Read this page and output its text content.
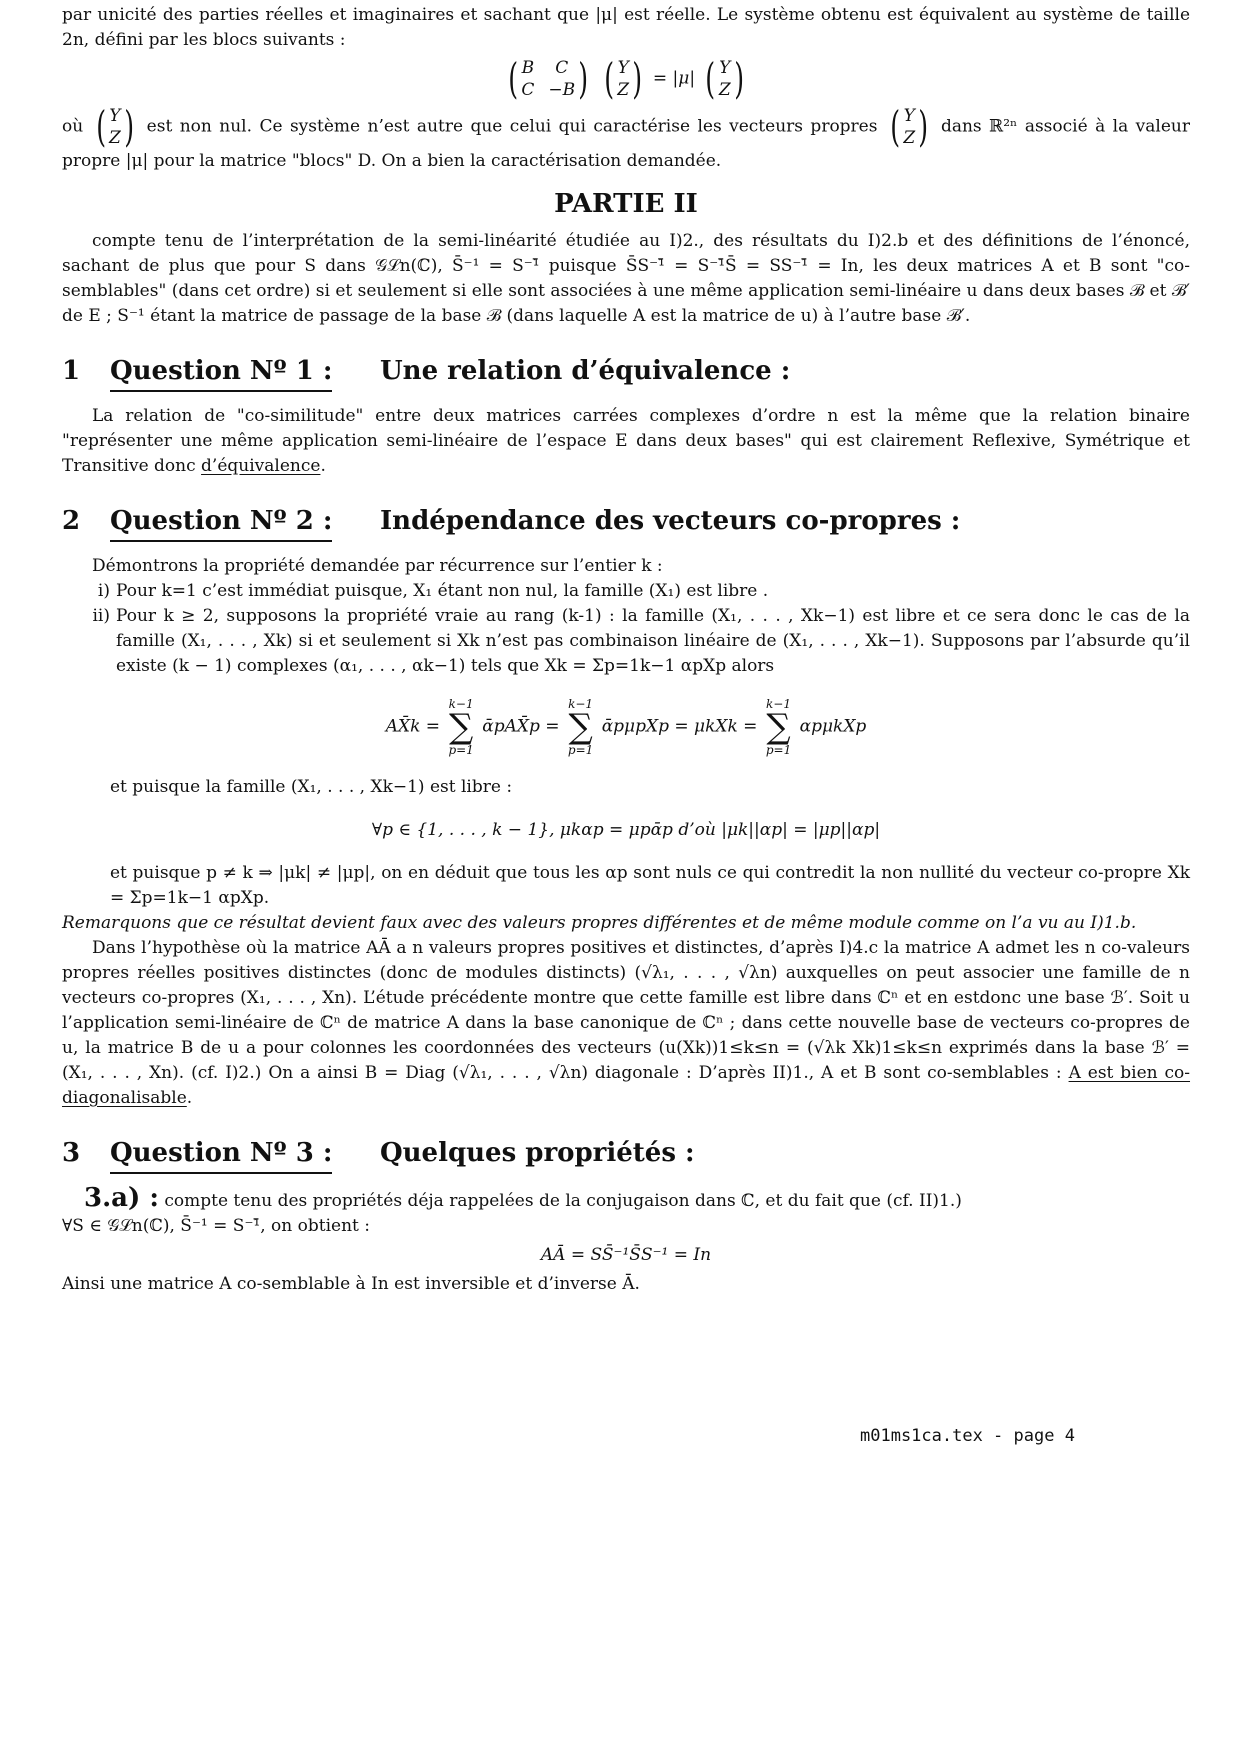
par unicité des parties réelles et imaginaires et sachant que |μ| est réelle. Le système obtenu est équivalent au système de taille 2n, défini par les blocs suivants :

( B	C
C −B )
( Y
Z ) = |μ| ( Y
Z )

où ( Y
Z ) est non nul. Ce système n’est autre que celui qui caractérise les vecteurs propres ( Y
Z ) dans ℝ²ⁿ associé à la valeur propre |μ| pour la matrice "blocs" D. On a bien la caractérisation demandée.

PARTIE II

compte tenu de l’interprétation de la semi-linéarité étudiée au I)2., des résultats du I)2.b et des définitions de l’énoncé, sachant de plus que pour S dans 𝒢ℒn(ℂ), S̄⁻¹ = S⁻¹̄ puisque S̄S⁻¹̄ = S⁻¹̄S̄ = SS⁻¹̄ = In, les deux matrices A et B sont "co-semblables" (dans cet ordre) si et seulement si elle sont associées à une même application semi-linéaire u dans deux bases ℬ et ℬ′ de E ; S⁻¹ étant la matrice de passage de la base ℬ (dans laquelle A est la matrice de u) à l’autre base ℬ′.

1	Question Nº 1 :	Une relation d’équivalence :

La relation de "co-similitude" entre deux matrices carrées complexes d’ordre n est la même que la relation binaire "représenter une même application semi-linéaire de l’espace E dans deux bases" qui est clairement Reflexive, Symétrique et Transitive donc d’équivalence.

2	Question Nº 2 :	Indépendance des vecteurs co-propres :

Démontrons la propriété demandée par récurrence sur l’entier k :

i) Pour k=1 c’est immédiat puisque, X₁ étant non nul, la famille (X₁) est libre .
ii) Pour k ≥ 2, supposons la propriété vraie au rang (k-1) : la famille (X₁, . . . , Xk−1) est libre et ce sera donc le cas de la famille (X₁, . . . , Xk) si et seulement si Xk n’est pas combinaison linéaire de (X₁, . . . , Xk−1). Supposons par l’absurde qu’il existe (k − 1) complexes (α₁, . . . , αk−1) tels que Xk = Σp=1k−1 αpXp alors
AX̄k =
k−1
∑
p=1
ᾱpAX̄p =
k−1
∑
p=1
ᾱpμpXp = μkXk =
k−1
∑
p=1
αpμkXp

et puisque la famille (X₁, . . . , Xk−1) est libre :

∀p ∈ {1, . . . , k − 1}, μkαp = μpᾱp d’où |μk||αp| = |μp||αp|

et puisque p ≠ k ⇒ |μk| ≠ |μp|, on en déduit que tous les αp sont nuls ce qui contredit la non nullité du vecteur co-propre Xk = Σp=1k−1 αpXp.

Remarquons que ce résultat devient faux avec des valeurs propres différentes et de même module comme on l’a vu au I)1.b.

Dans l’hypothèse où la matrice AĀ a n valeurs propres positives et distinctes, d’après I)4.c la matrice A admet les n co-valeurs propres réelles positives distinctes (donc de modules distincts) (√λ₁, . . . , √λn) auxquelles on peut associer une famille de n vecteurs co-propres (X₁, . . . , Xn). L’étude précédente montre que cette famille est libre dans ℂⁿ et en estdonc une base ℬ′. Soit u l’application semi-linéaire de ℂⁿ de matrice A dans la base canonique de ℂⁿ ; dans cette nouvelle base de vecteurs co-propres de u, la matrice B de u a pour colonnes les coordonnées des vecteurs (u(Xk))1≤k≤n = (√λk Xk)1≤k≤n exprimés dans la base ℬ′ = (X₁, . . . , Xn). (cf. I)2.) On a ainsi B = Diag (√λ₁, . . . , √λn) diagonale : D’après II)1., A et B sont co-semblables : A est bien co-diagonalisable.

3	Question Nº 3 :	Quelques propriétés :

3.a) : compte tenu des propriétés déja rappelées de la conjugaison dans ℂ, et du fait que (cf. II)1.)

∀S ∈ 𝒢ℒn(ℂ), S̄⁻¹ = S⁻¹̄, on obtient :

AĀ = SS̄⁻¹S̄S⁻¹ = In

Ainsi une matrice A co-semblable à In est inversible et d’inverse Ā.

m01ms1ca.tex - page 4
